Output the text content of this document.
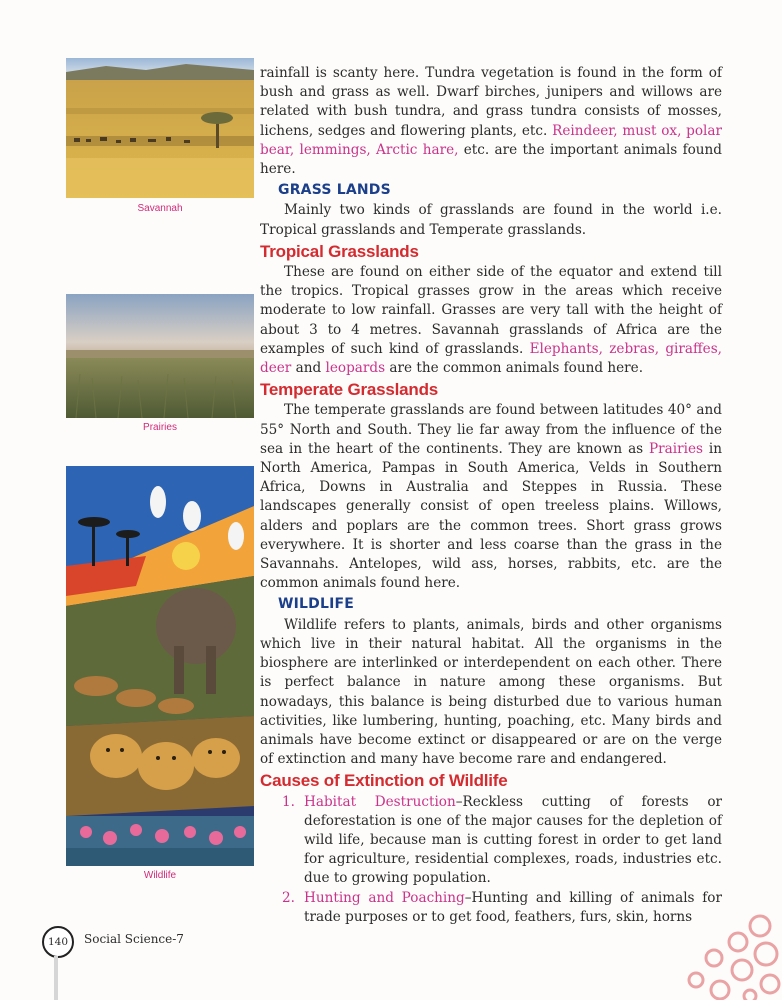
Savannah
Prairies
Wildlife

rainfall is scanty here. Tundra vegetation is found in the form of bush and grass as well. Dwarf birches, junipers and willows are related with bush tundra, and grass tundra consists of mosses, lichens, sedges and flowering plants, etc. Reindeer, must ox, polar bear, lemmings, Arctic hare, etc. are the important animals found here.

GRASS LANDS

Mainly two kinds of grasslands are found in the world i.e. Tropical grasslands and Temperate grasslands.

Tropical Grasslands

These are found on either side of the equator and extend till the tropics. Tropical grasses grow in the areas which receive moderate to low rainfall. Grasses are very tall with the height of about 3 to 4 metres. Savannah grasslands of Africa are the examples of such kind of grasslands. Elephants, zebras, giraffes, deer and leopards are the common animals found here.

Temperate Grasslands

The temperate grasslands are found between latitudes 40° and 55° North and South. They lie far away from the influence of the sea in the heart of the continents. They are known as Prairies in North America, Pampas in South America, Velds in Southern Africa, Downs in Australia and Steppes in Russia. These landscapes generally consist of open treeless plains. Willows, alders and poplars are the common trees. Short grass grows everywhere. It is shorter and less coarse than the grass in the Savannahs. Antelopes, wild ass, horses, rabbits, etc. are the common animals found here.

WILDLIFE

Wildlife refers to plants, animals, birds and other organisms which live in their natural habitat. All the organisms in the biosphere are interlinked or interdependent on each other. There is perfect balance in nature among these organisms. But nowadays, this balance is being disturbed due to various human activities, like lumbering, hunting, poaching, etc. Many birds and animals have become extinct or disappeared or are on the verge of extinction and many have become rare and endangered.

Causes of Extinction of Wildlife
1. Habitat Destruction–Reckless cutting of forests or deforestation is one of the major causes for the depletion of wild life, because man is cutting forest in order to get land for agriculture, residential complexes, roads, industries etc. due to growing population.
2. Hunting and Poaching–Hunting and killing of animals for trade purposes or to get food, feathers, furs, skin, horns
140	Social Science-7
